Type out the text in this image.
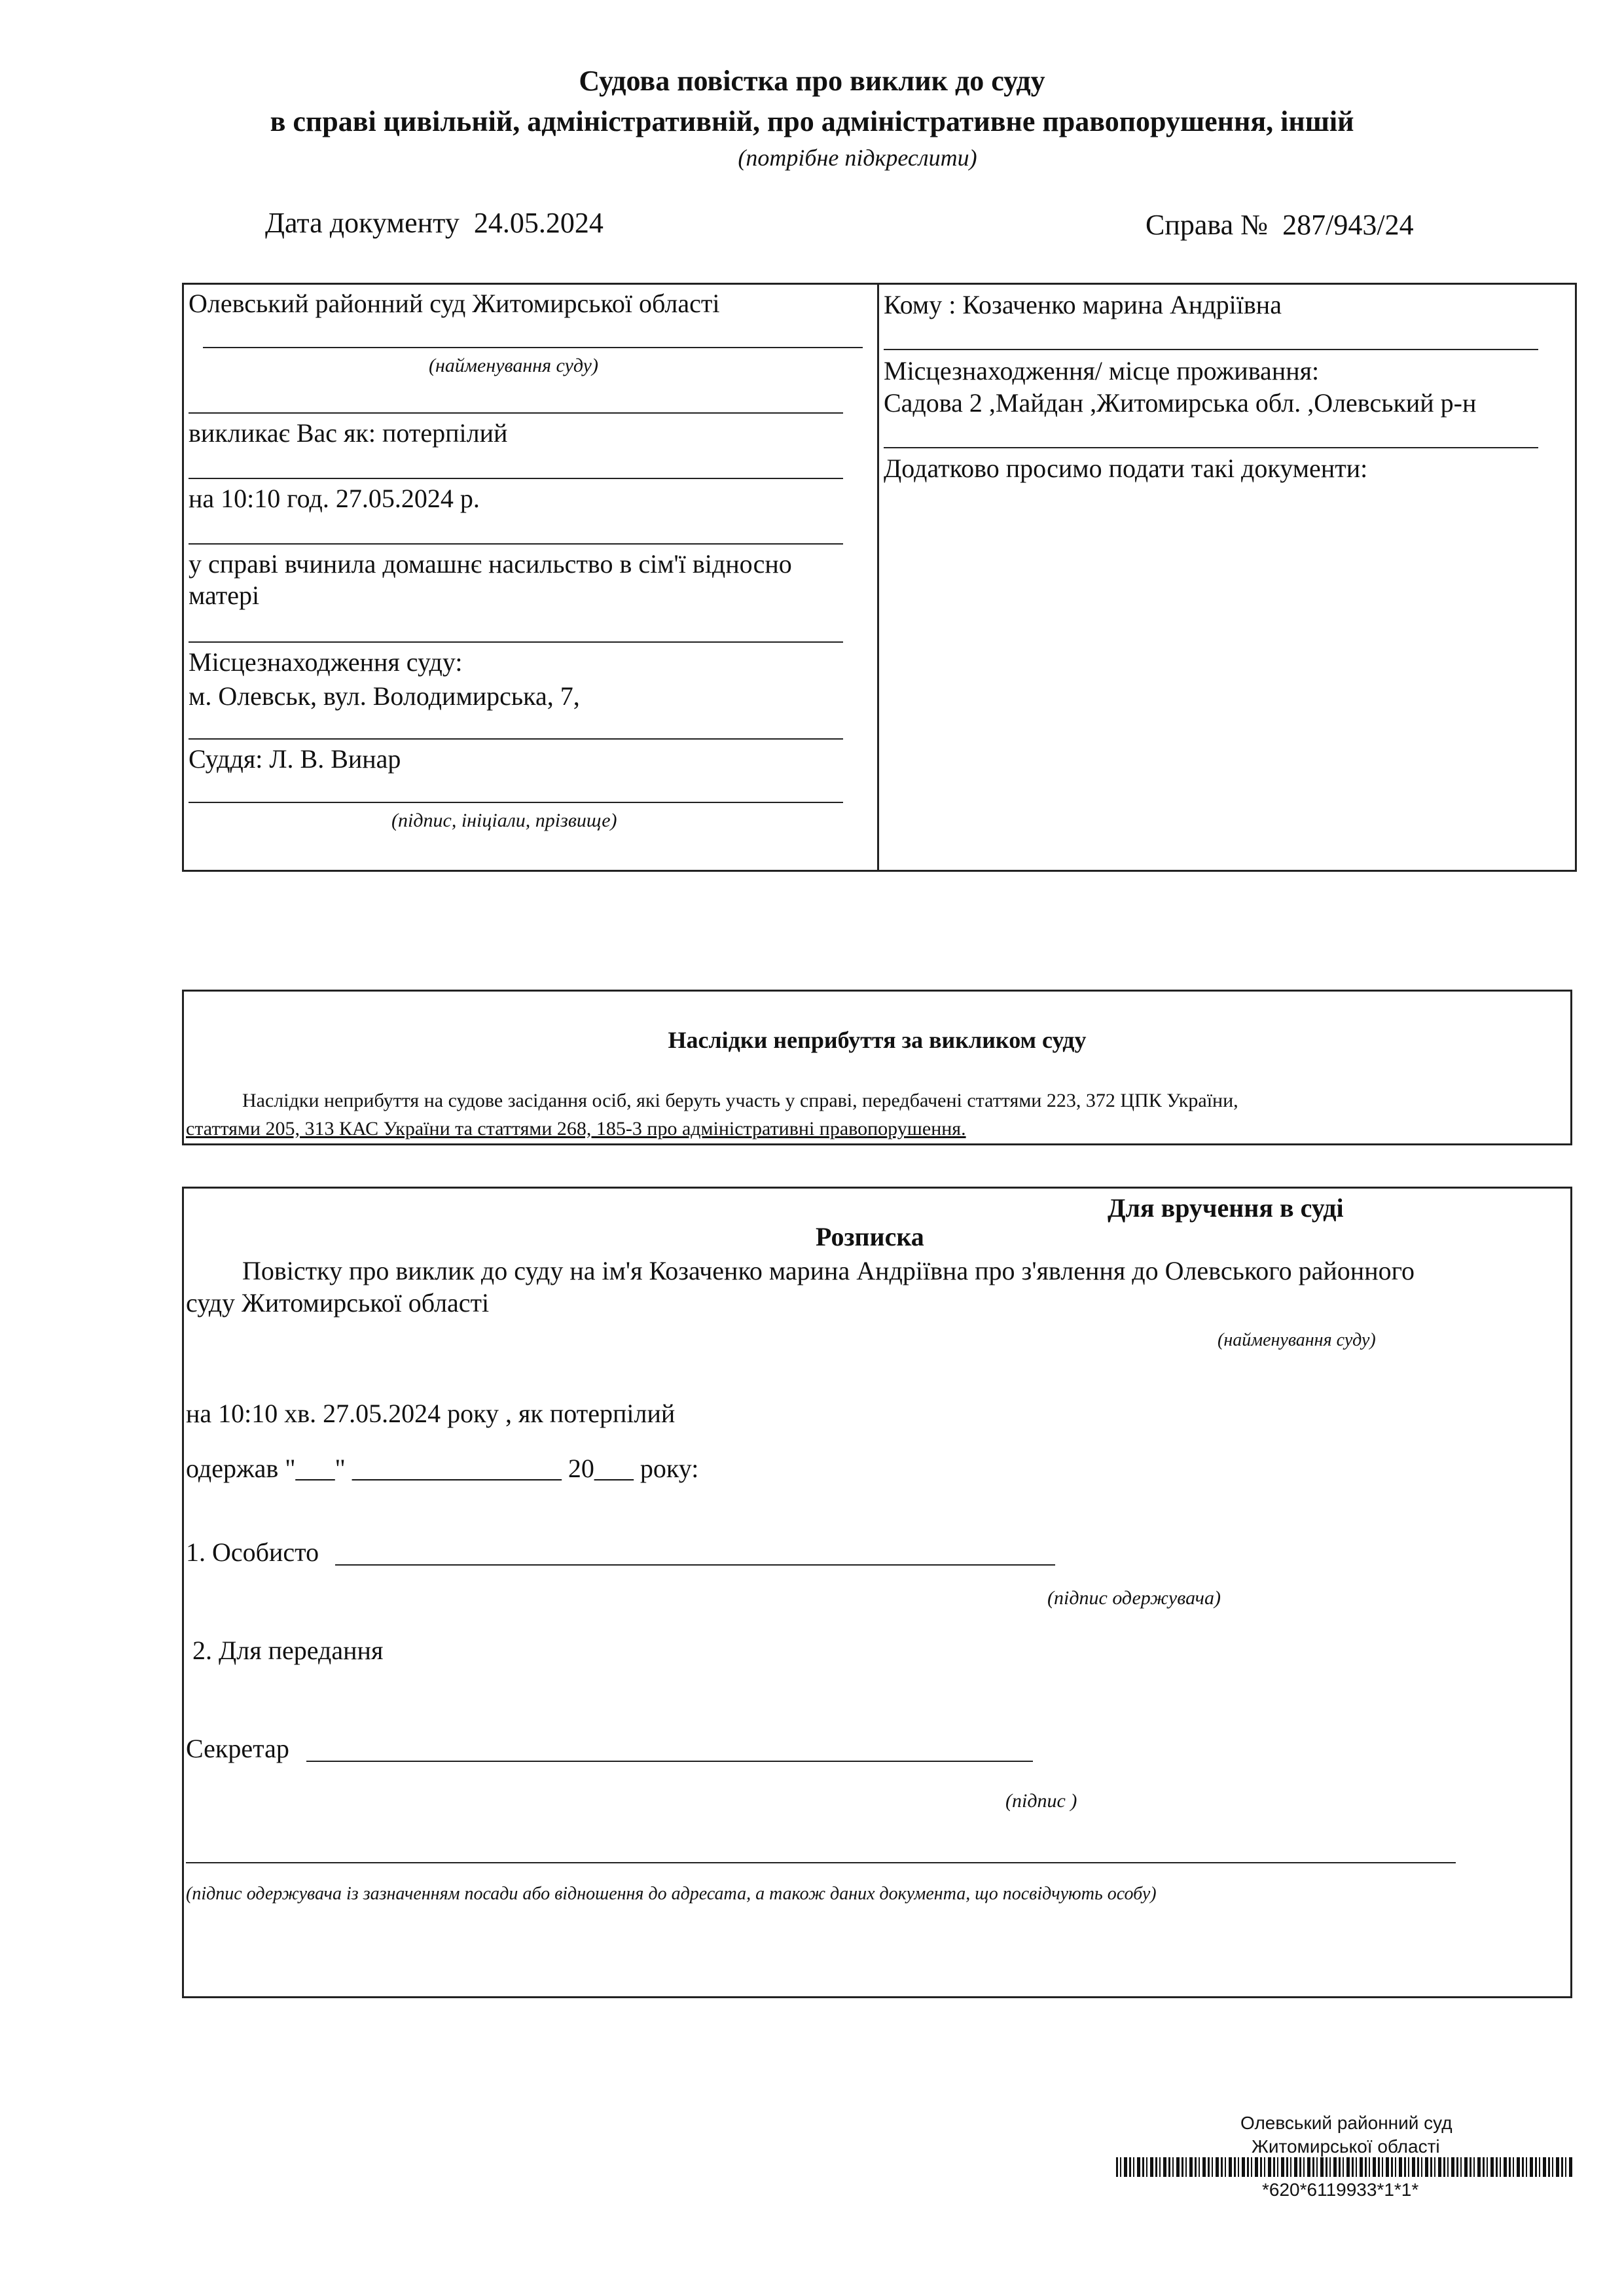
Судова повістка про виклик до суду
в справі цивільній, адміністративній, про адміністративне правопорушення, іншій
(потрібне підкреслити)
Дата документу 24.05.2024	Справа № 287/943/24
Олевський районний суд Житомирської області
(найменування суду)
викликає Вас як: потерпілий
на 10:10 год. 27.05.2024 р.
у справі вчинила домашнє насильство в сім'ї відносно
матері
Місцезнаходження суду:
м. Олевськ, вул. Володимирська, 7,
Суддя: Л. В. Винар
(підпис, ініціали, прізвище)
Кому : Козаченко марина Андріївна
Місцезнаходження/ місце проживання:
Садова 2 ,Майдан ,Житомирська обл. ,Олевський р-н
Додатково просимо подати такі документи:
Наслідки неприбуття за викликом суду
Наслідки неприбуття на судове засідання осіб, які беруть участь у справі, передбачені статтями 223, 372 ЦПК України,
статтями 205, 313 КАС України та статтями 268, 185-3 про адміністративні правопорушення.
Для вручення в суді
Розписка
Повістку про виклик до суду на ім'я Козаченко марина Андріївна про з'явлення до Олевського районного
суду Житомирської області
(найменування суду)
на 10:10 хв. 27.05.2024 року , як потерпілий
одержав "___" ________________ 20___ року:
1. Особисто
(підпис одержувача)
2. Для передання
Секретар
(підпис )
(підпис одержувача із зазначенням посади або відношення до адресата, а також даних документа, що посвідчують особу)
Олевський районний суд
Житомирської області
*620*6119933*1*1*
